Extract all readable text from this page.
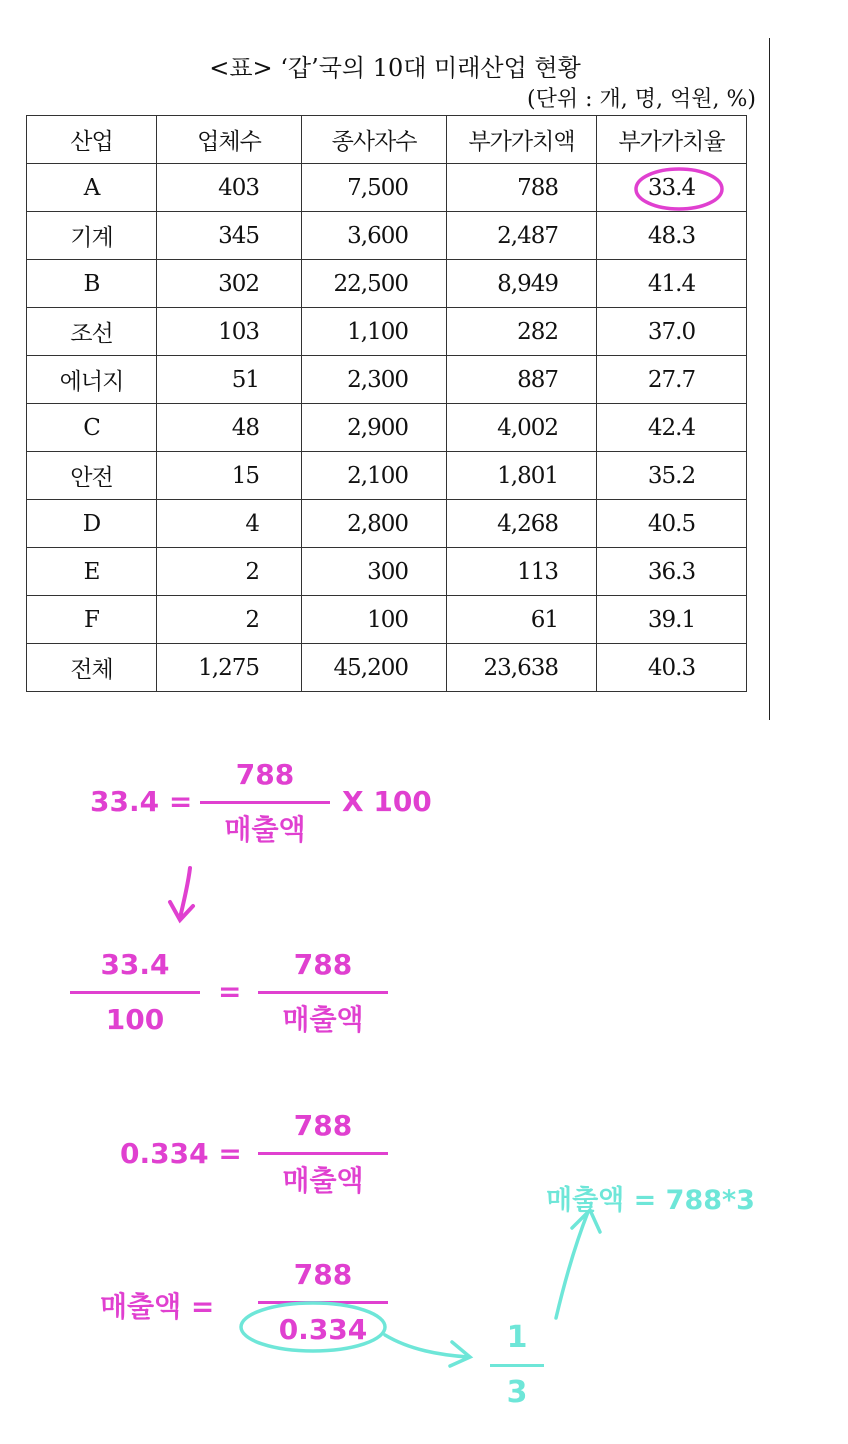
<표> ‘갑’국의 10대 미래산업 현황
(단위 : 개, 명, 억원, %)
산업	업체수	종사자수	부가가치액	부가가치율
A	403	7,500	788	33.4
기계	345	3,600	2,487	48.3
B	302	22,500	8,949	41.4
조선	103	1,100	282	37.0
에너지	51	2,300	887	27.7
C	48	2,900	4,002	42.4
안전	15	2,100	1,801	35.2
D	4	2,800	4,268	40.5
E	2	300	113	36.3
F	2	100	61	39.1
전체	1,275	45,200	23,638	40.3
33.4 =
788
매출액
X 100
33.4
100
=
788
매출액
0.334 =
788
매출액
매출액 =
788
0.334	1
3
매출액 = 788*3
